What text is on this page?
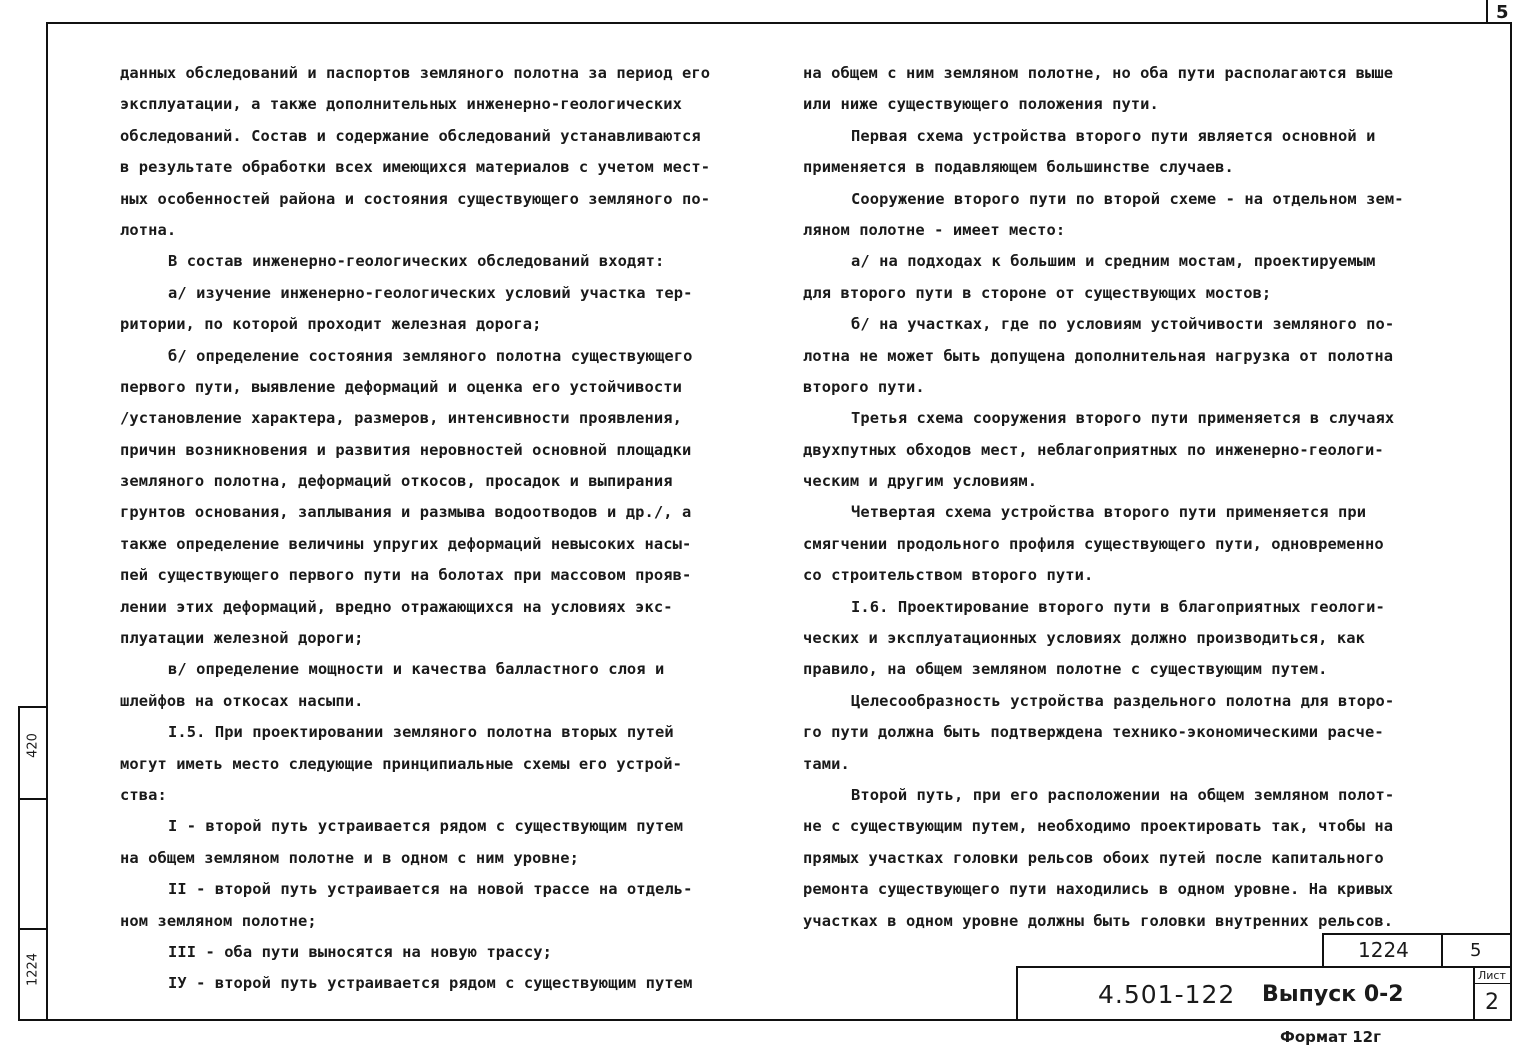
5
420
1224

данных обследований и паспортов земляного полотна за период его

эксплуатации, а также дополнительных инженерно-геологических

обследований. Состав и содержание обследований устанавливаются

в результате обработки всех имеющихся материалов с учетом мест-

ных особенностей района и состояния существующего земляного по-

лотна.

В состав инженерно-геологических обследований входят:

а/ изучение инженерно-геологических условий участка тер-

ритории, по которой проходит железная дорога;

б/ определение состояния земляного полотна существующего

первого пути, выявление деформаций и оценка его устойчивости

/установление характера, размеров, интенсивности проявления,

причин возникновения и развития неровностей основной площадки

земляного полотна, деформаций откосов, просадок и выпирания

грунтов основания, заплывания и размыва водоотводов и др./, а

также определение величины упругих деформаций невысоких насы-

пей существующего первого пути на болотах при массовом прояв-

лении этих деформаций, вредно отражающихся на условиях экс-

плуатации железной дороги;

в/ определение мощности и качества балластного слоя и

шлейфов на откосах насыпи.

I.5. При проектировании земляного полотна вторых путей

могут иметь место следующие принципиальные схемы его устрой-

ства:

I - второй путь устраивается рядом с существующим путем

на общем земляном полотне и в одном с ним уровне;

II - второй путь устраивается на новой трассе на отдель-

ном земляном полотне;

III - оба пути выносятся на новую трассу;

IУ - второй путь устраивается рядом с существующим путем

на общем с ним земляном полотне, но оба пути располагаются выше

или ниже существующего положения пути.

Первая схема устройства второго пути является основной и

применяется в подавляющем большинстве случаев.

Сооружение второго пути по второй схеме - на отдельном зем-

ляном полотне - имеет место:

а/ на подходах к большим и средним мостам, проектируемым

для второго пути в стороне от существующих мостов;

б/ на участках, где по условиям устойчивости земляного по-

лотна не может быть допущена дополнительная нагрузка от полотна

второго пути.

Третья схема сооружения второго пути применяется в случаях

двухпутных обходов мест, неблагоприятных по инженерно-геологи-

ческим и другим условиям.

Четвертая схема устройства второго пути применяется при

смягчении продольного профиля существующего пути, одновременно

со строительством второго пути.

I.6. Проектирование второго пути в благоприятных геологи-

ческих и эксплуатационных условиях должно производиться, как

правило, на общем земляном полотне с существующим путем.

Целесообразность устройства раздельного полотна для второ-

го пути должна быть подтверждена технико-экономическими расче-

тами.

Второй путь, при его расположении на общем земляном полот-

не с существующим путем, необходимо проектировать так, чтобы на

прямых участках головки рельсов обоих путей после капитального

ремонта существующего пути находились в одном уровне. На кривых

участках в одном уровне должны быть головки внутренних рельсов.

1224	5
4.501-122 Выпуск 0-2
Лист
2
Формат 12г
